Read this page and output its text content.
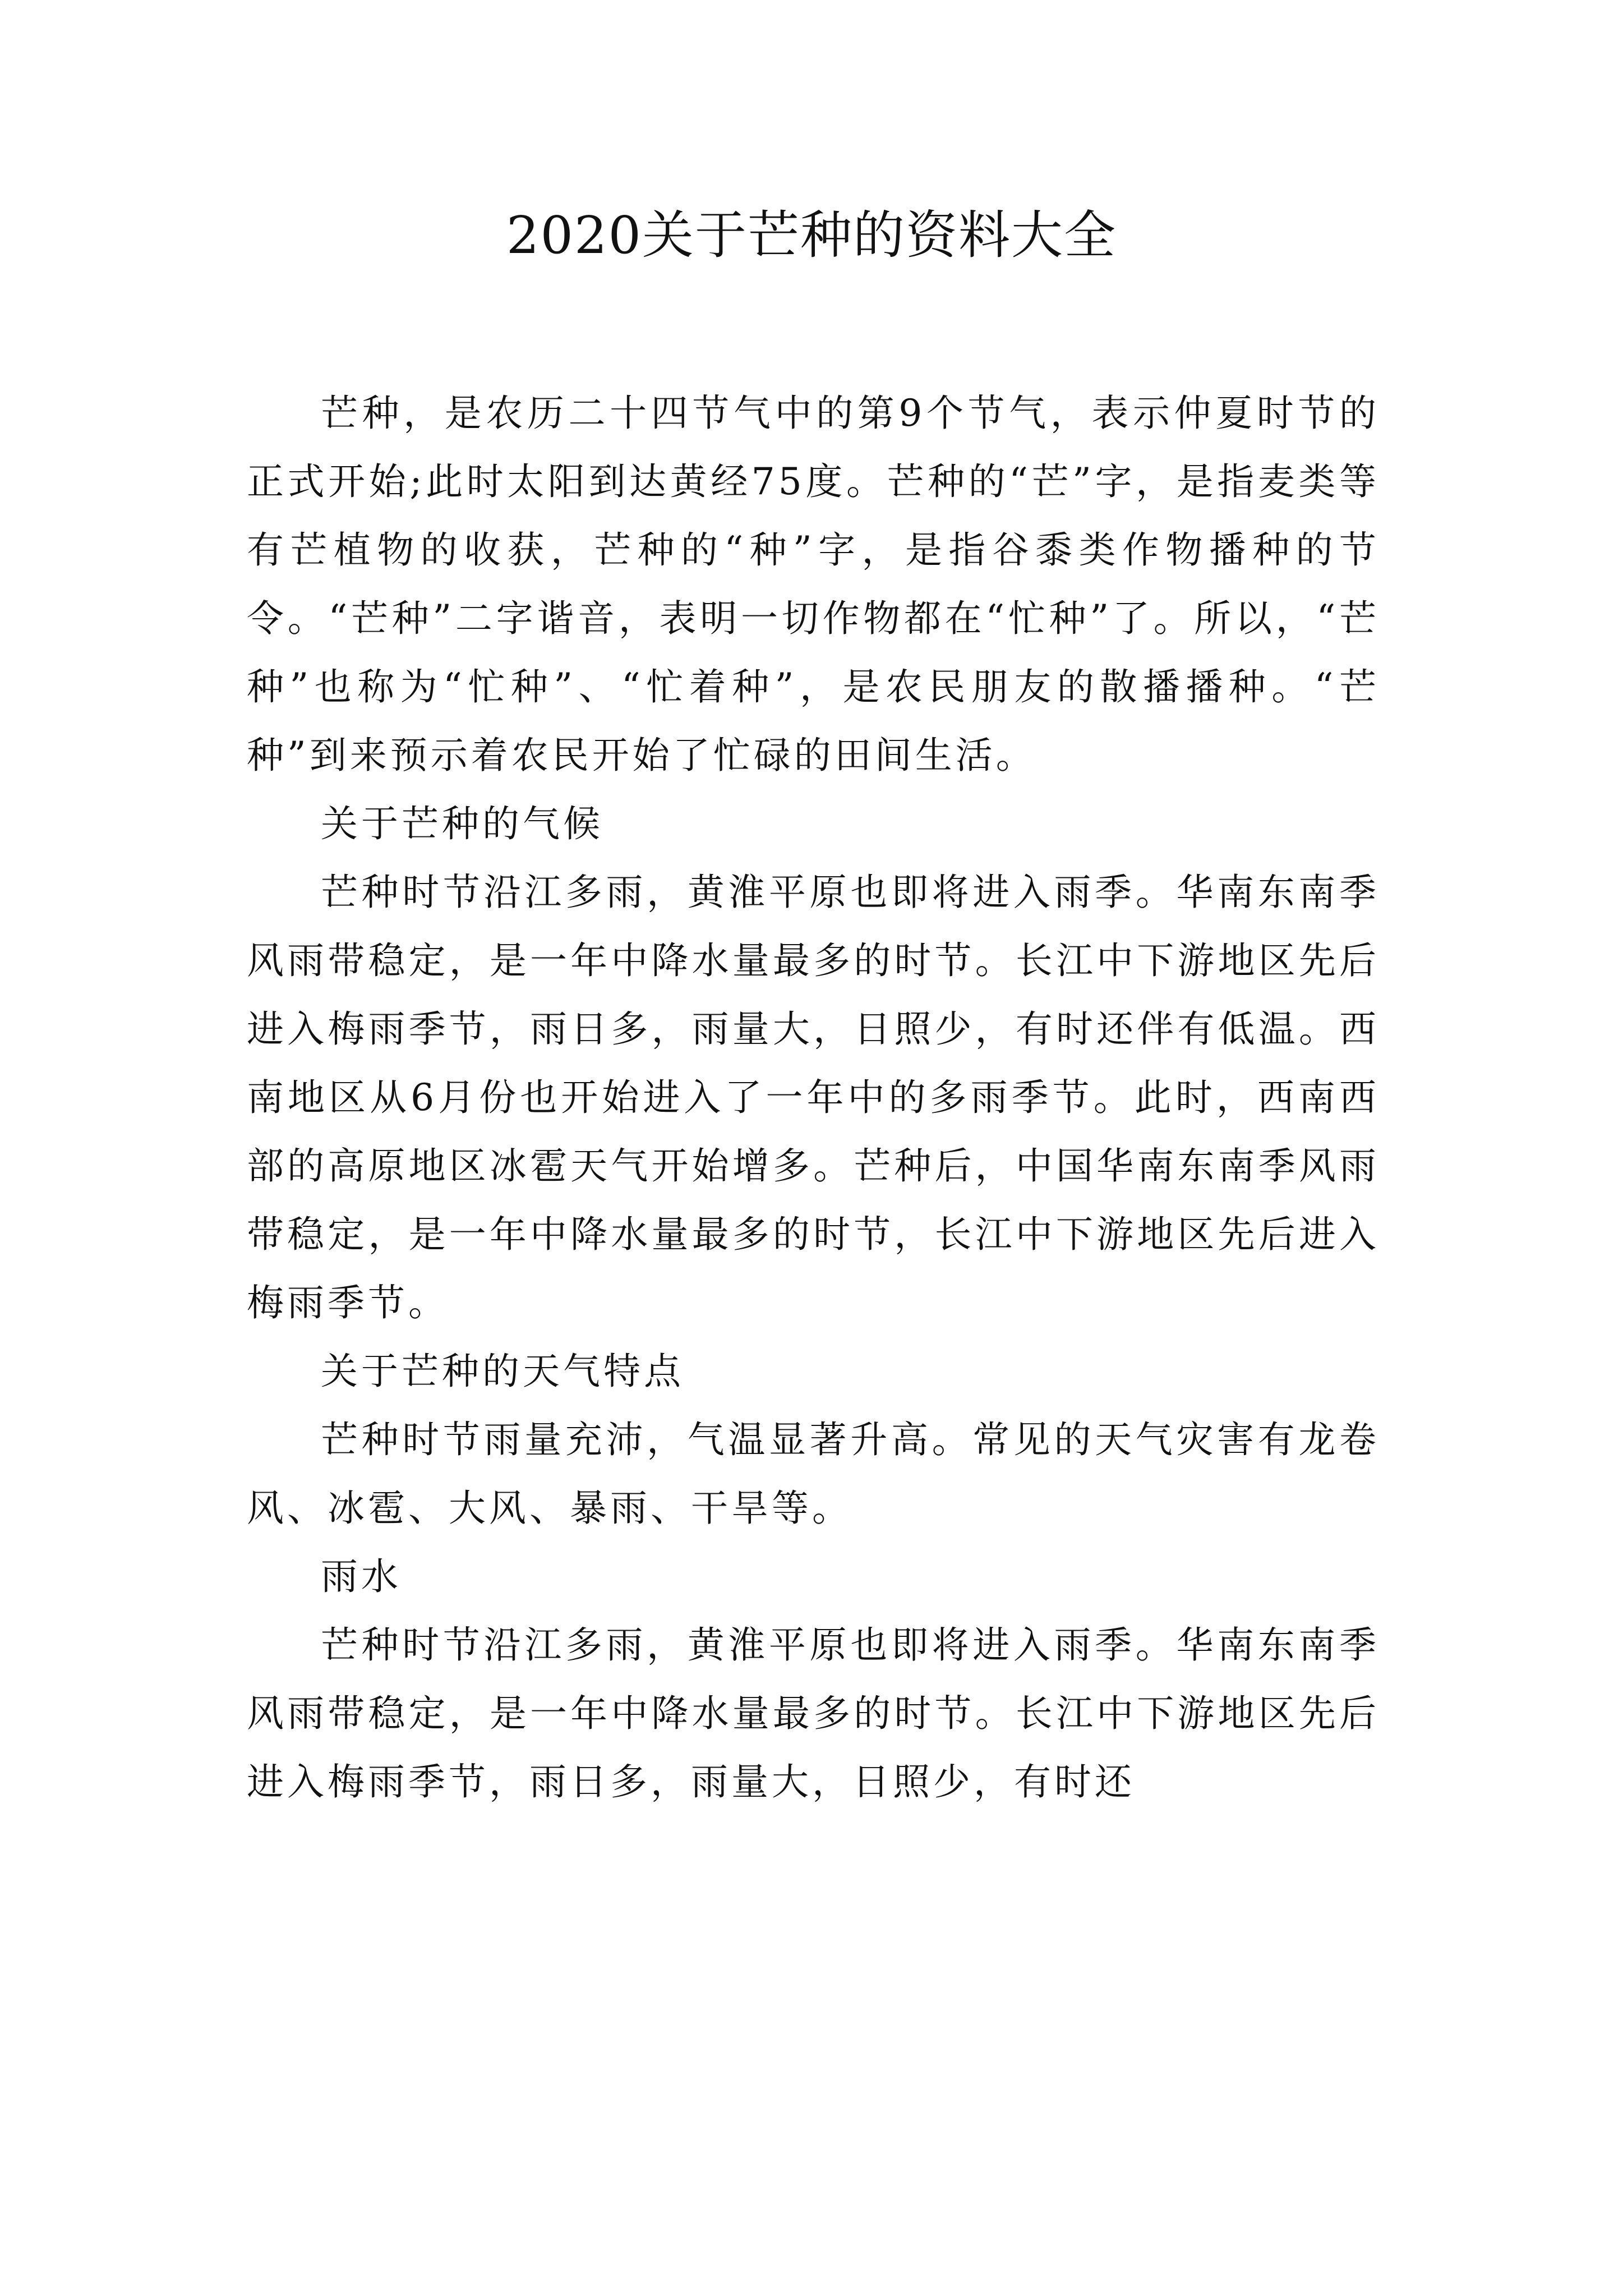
2020关于芒种的资料大全

芒种，是农历二十四节气中的第9个节气，表示仲夏时节的正式开始;此时太阳到达黄经75度。芒种的“芒”字，是指麦类等有芒植物的收获，芒种的“种”字，是指谷黍类作物播种的节令。“芒种”二字谐音，表明一切作物都在“忙种”了。所以，“芒种”也称为“忙种”、“忙着种”，是农民朋友的散播播种。“芒种”到来预示着农民开始了忙碌的田间生活。

关于芒种的气候

芒种时节沿江多雨，黄淮平原也即将进入雨季。华南东南季风雨带稳定，是一年中降水量最多的时节。长江中下游地区先后进入梅雨季节，雨日多，雨量大，日照少，有时还伴有低温。西南地区从6月份也开始进入了一年中的多雨季节。此时，西南西部的高原地区冰雹天气开始增多。芒种后，中国华南东南季风雨带稳定，是一年中降水量最多的时节，长江中下游地区先后进入梅雨季节。

关于芒种的天气特点

芒种时节雨量充沛，气温显著升高。常见的天气灾害有龙卷风、冰雹、大风、暴雨、干旱等。

雨水

芒种时节沿江多雨，黄淮平原也即将进入雨季。华南东南季风雨带稳定，是一年中降水量最多的时节。长江中下游地区先后进入梅雨季节，雨日多，雨量大，日照少，有时还
